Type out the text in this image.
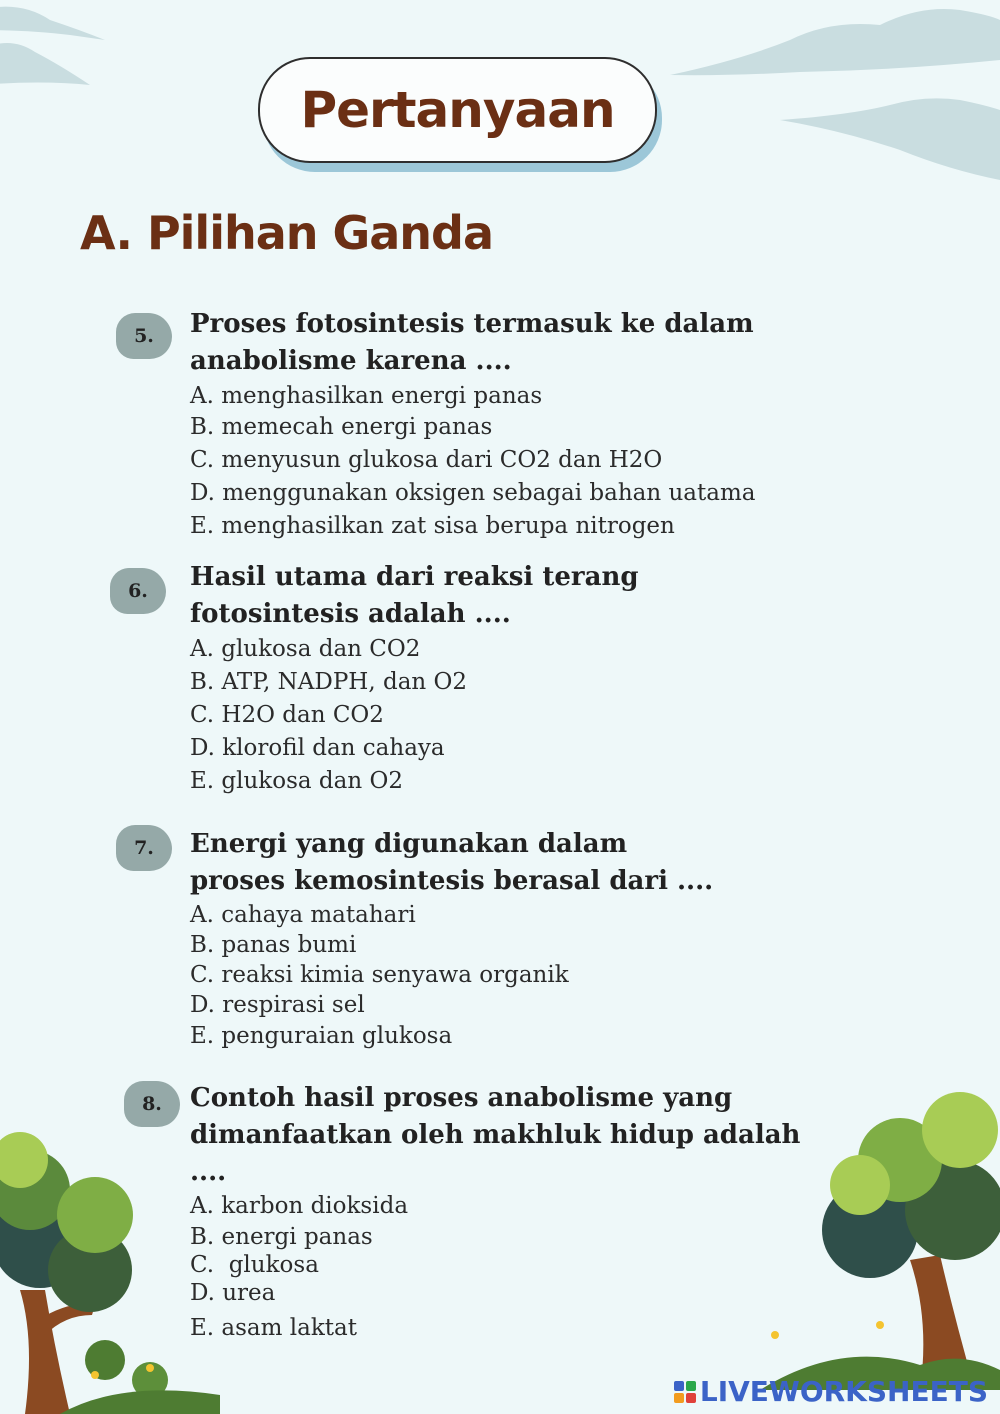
Pertanyaan
A. Pilihan Ganda
5.	Proses fotosintesis termasuk ke dalam anabolisme karena ....

A. menghasilkan energi panas

B. memecah energi panas

C. menyusun glukosa dari CO2 dan H2O

D. menggunakan oksigen sebagai bahan uatama

E. menghasilkan zat sisa berupa nitrogen

6.	Hasil utama dari reaksi terang fotosintesis adalah ....

A. glukosa dan CO2

B. ATP, NADPH, dan O2

C. H2O dan CO2

D. klorofil dan cahaya

E. glukosa dan O2

7.	Energi yang digunakan dalam proses kemosintesis berasal dari ....

A. cahaya matahari

B. panas bumi

C. reaksi kimia senyawa organik

D. respirasi sel

E. penguraian glukosa

8.	Contoh hasil proses anabolisme yang dimanfaatkan oleh makhluk hidup adalah ....

A. karbon dioksida

B. energi panas

C.  glukosa

D. urea

E. asam laktat

LIVEWORKSHEETS
